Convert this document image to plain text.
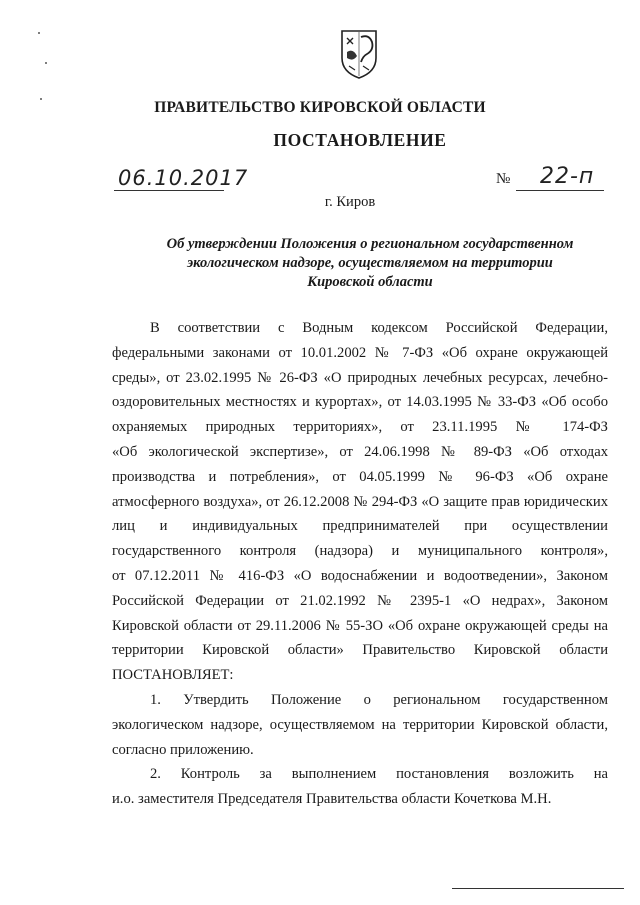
ПРАВИТЕЛЬСТВО КИРОВСКОЙ ОБЛАСТИ
ПОСТАНОВЛЕНИЕ
06.10.2017	№ 22-п
г. Киров
Об утверждении Положения о региональном государственном
экологическом надзоре, осуществляемом на территории
Кировской области
В соответствии с Водным кодексом Российской Федерации,
федеральными законами от 10.01.2002 № 7-ФЗ «Об охране окружающей
среды», от 23.02.1995 № 26-ФЗ «О природных лечебных ресурсах, лечебно-
оздоровительных местностях и курортах», от 14.03.1995 № 33-ФЗ «Об особо
охраняемых природных территориях», от 23.11.1995 № 174-ФЗ
«Об экологической экспертизе», от 24.06.1998 № 89-ФЗ «Об отходах
производства и потребления», от 04.05.1999 № 96-ФЗ «Об охране
атмосферного воздуха», от 26.12.2008 № 294-ФЗ «О защите прав юридических
лиц и индивидуальных предпринимателей при осуществлении
государственного контроля (надзора) и муниципального контроля»,
от 07.12.2011 № 416-ФЗ «О водоснабжении и водоотведении», Законом
Российской Федерации от 21.02.1992 № 2395-1 «О недрах», Законом
Кировской области от 29.11.2006 № 55-ЗО «Об охране окружающей среды на
территории Кировской области» Правительство Кировской области
ПОСТАНОВЛЯЕТ:
1. Утвердить Положение о региональном государственном
экологическом надзоре, осуществляемом на территории Кировской области,
согласно приложению.
2. Контроль за выполнением постановления возложить на
и.о. заместителя Председателя Правительства области Кочеткова М.Н.
